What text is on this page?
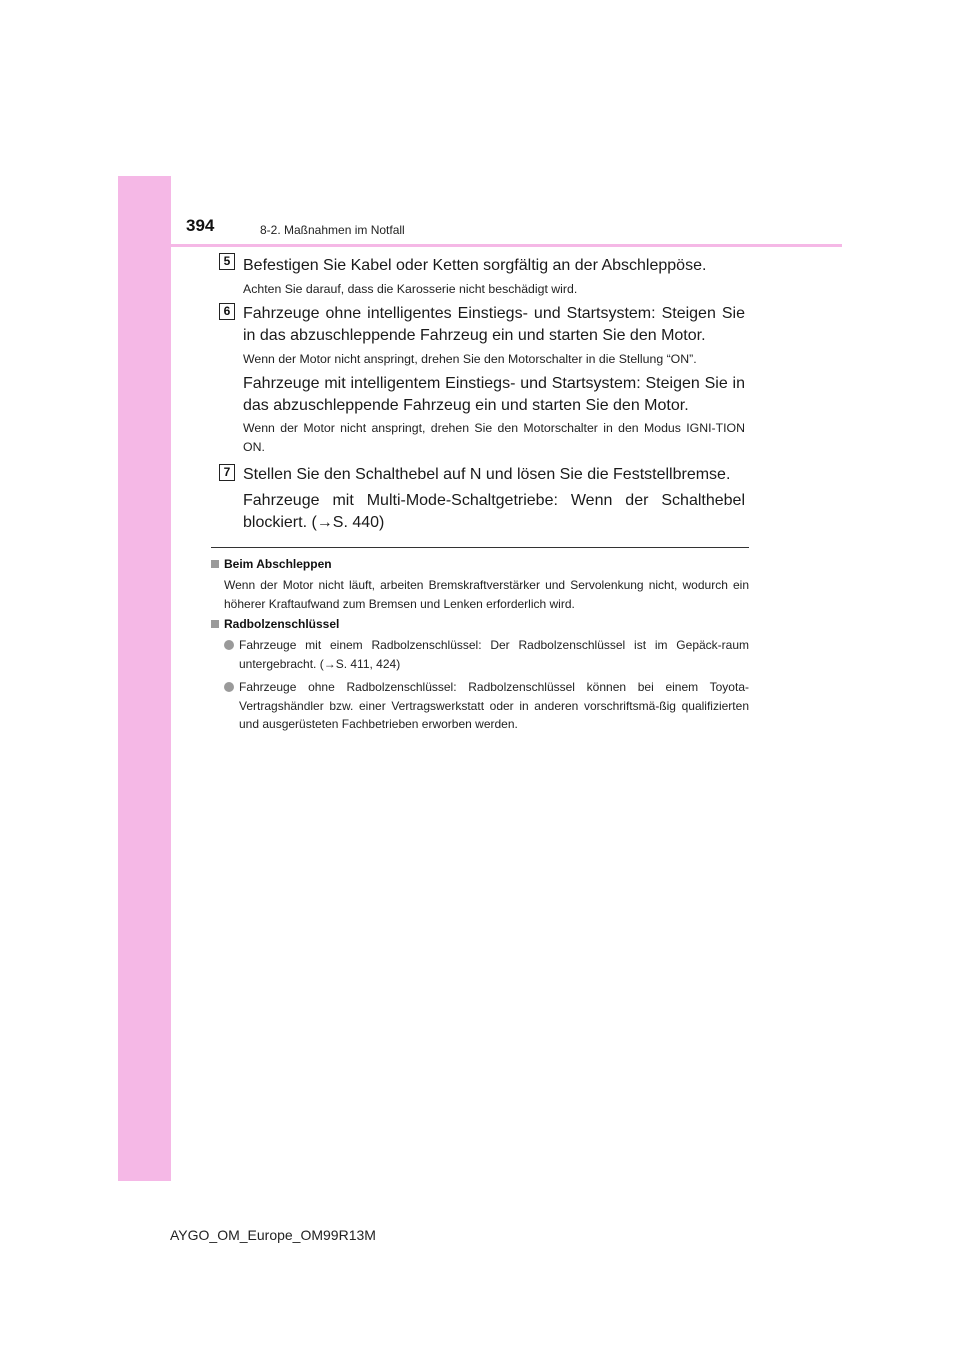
394	8-2. Maßnahmen im Notfall
5 Befestigen Sie Kabel oder Ketten sorgfältig an der Abschleppöse.
Achten Sie darauf, dass die Karosserie nicht beschädigt wird.
6 Fahrzeuge ohne intelligentes Einstiegs- und Startsystem: Steigen Sie in das abzuschleppende Fahrzeug ein und starten Sie den Motor.
Wenn der Motor nicht anspringt, drehen Sie den Motorschalter in die Stellung “ON”.
Fahrzeuge mit intelligentem Einstiegs- und Startsystem: Steigen Sie in das abzuschleppende Fahrzeug ein und starten Sie den Motor.
Wenn der Motor nicht anspringt, drehen Sie den Motorschalter in den Modus IGNI-TION ON.
7 Stellen Sie den Schalthebel auf N und lösen Sie die Feststellbremse.
Fahrzeuge mit Multi-Mode-Schaltgetriebe: Wenn der Schalthebel blockiert. (→S. 440)
Beim Abschleppen
Wenn der Motor nicht läuft, arbeiten Bremskraftverstärker und Servolenkung nicht, wodurch ein höherer Kraftaufwand zum Bremsen und Lenken erforderlich wird.
Radbolzenschlüssel
Fahrzeuge mit einem Radbolzenschlüssel: Der Radbolzenschlüssel ist im Gepäck-raum untergebracht. (→S. 411, 424)
Fahrzeuge ohne Radbolzenschlüssel: Radbolzenschlüssel können bei einem Toyota-Vertragshändler bzw. einer Vertragswerkstatt oder in anderen vorschriftsmä-ßig qualifizierten und ausgerüsteten Fachbetrieben erworben werden.
AYGO_OM_Europe_OM99R13M
